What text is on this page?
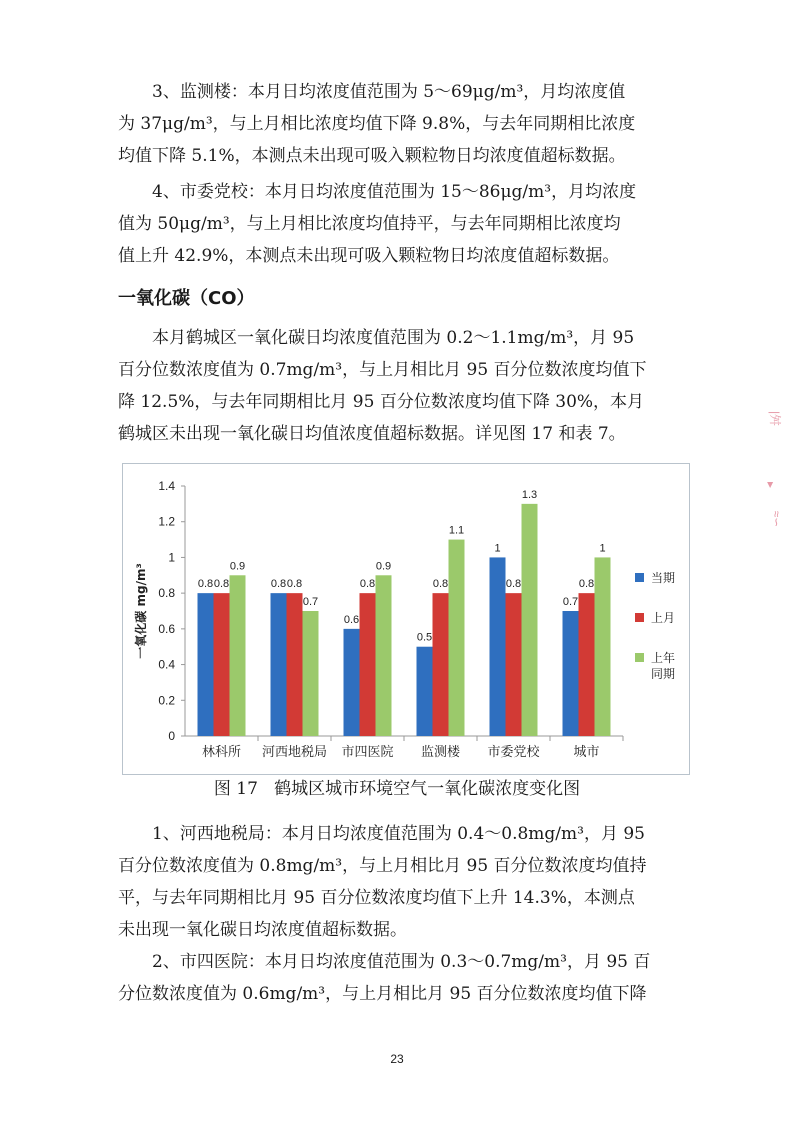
3、监测楼：本月日均浓度值范围为 5～69μg/m³，月均浓度值
为 37μg/m³，与上月相比浓度均值下降 9.8%，与去年同期相比浓度
均值下降 5.1%，本测点未出现可吸入颗粒物日均浓度值超标数据。

4、市委党校：本月日均浓度值范围为 15～86μg/m³，月均浓度
值为 50μg/m³，与上月相比浓度均值持平，与去年同期相比浓度均
值上升 42.9%，本测点未出现可吸入颗粒物日均浓度值超标数据。

一氧化碳（CO）

本月鹤城区一氧化碳日均浓度值范围为 0.2～1.1mg/m³，月 95
百分位数浓度值为 0.7mg/m³，与上月相比月 95 百分位数浓度均值下
降 12.5%，与去年同期相比月 95 百分位数浓度均值下降 30%，本月
鹤城区未出现一氧化碳日均值浓度值超标数据。详见图 17 和表 7。

0
0.2
0.4
0.6
0.8
1
1.2
1.4
一氧化碳 mg/m³	0.8 0.8
0.9
林科所
0.8 0.8
0.7
河西地税局
0.6
0.8
0.9
市四医院
0.5
0.8
1.1
监测楼
1
0.8
1.3
市委党校
0.7
0.8
1
城市
当期
上月
上年
同期
图 17 鹤城区城市环境空气一氧化碳浓度变化图

1、河西地税局：本月日均浓度值范围为 0.4～0.8mg/m³，月 95
百分位数浓度值为 0.8mg/m³，与上月相比月 95 百分位数浓度均值持
平，与去年同期相比月 95 百分位数浓度均值下上升 14.3%，本测点
未出现一氧化碳日均浓度值超标数据。

2、市四医院：本月日均浓度值范围为 0.3～0.7mg/m³，月 95 百
分位数浓度值为 0.6mg/m³，与上月相比月 95 百分位数浓度均值下降

23
|舛
▸
≈∽
